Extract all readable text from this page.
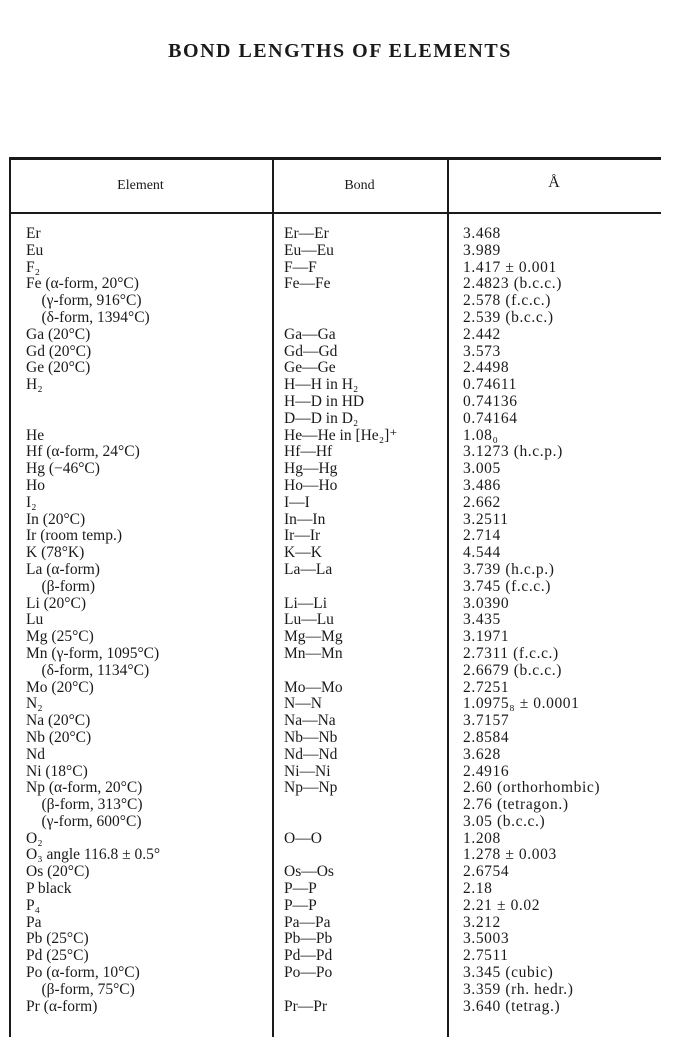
BOND LENGTHS OF ELEMENTS
Element	Bond	Å
Er
Eu
F₂
Fe (α-form, 20°C)
(γ-form, 916°C)
(δ-form, 1394°C)
Ga (20°C)
Gd (20°C)
Ge (20°C)
H₂
He
Hf (α-form, 24°C)
Hg (−46°C)
Ho
I₂
In (20°C)
Ir (room temp.)
K (78°K)
La (α-form)
(β-form)
Li (20°C)
Lu
Mg (25°C)
Mn (γ-form, 1095°C)
(δ-form, 1134°C)
Mo (20°C)
N₂
Na (20°C)
Nb (20°C)
Nd
Ni (18°C)
Np (α-form, 20°C)
(β-form, 313°C)
(γ-form, 600°C)
O₂
O₃ angle 116.8 ± 0.5°
Os (20°C)
P black
P₄
Pa
Pb (25°C)
Pd (25°C)
Po (α-form, 10°C)
(β-form, 75°C)
Pr (α-form)
Er—Er
Eu—Eu
F—F
Fe—Fe
Ga—Ga
Gd—Gd
Ge—Ge
H—H in H₂
H—D in HD
D—D in D₂
He—He in [He₂]⁺
Hf—Hf
Hg—Hg
Ho—Ho
I—I
In—In
Ir—Ir
K—K
La—La
Li—Li
Lu—Lu
Mg—Mg
Mn—Mn
Mo—Mo
N—N
Na—Na
Nb—Nb
Nd—Nd
Ni—Ni
Np—Np
O—O
Os—Os
P—P
P—P
Pa—Pa
Pb—Pb
Pd—Pd
Po—Po
Pr—Pr
3.468
3.989
1.417 ± 0.001
2.4823 (b.c.c.)
2.578 (f.c.c.)
2.539 (b.c.c.)
2.442
3.573
2.4498
0.74611
0.74136
0.74164
1.08₀
3.1273 (h.c.p.)
3.005
3.486
2.662
3.2511
2.714
4.544
3.739 (h.c.p.)
3.745 (f.c.c.)
3.0390
3.435
3.1971
2.7311 (f.c.c.)
2.6679 (b.c.c.)
2.7251
1.0975₈ ± 0.0001
3.7157
2.8584
3.628
2.4916
2.60 (orthorhombic)
2.76 (tetragon.)
3.05 (b.c.c.)
1.208
1.278 ± 0.003
2.6754
2.18
2.21 ± 0.02
3.212
3.5003
2.7511
3.345 (cubic)
3.359 (rh. hedr.)
3.640 (tetrag.)
